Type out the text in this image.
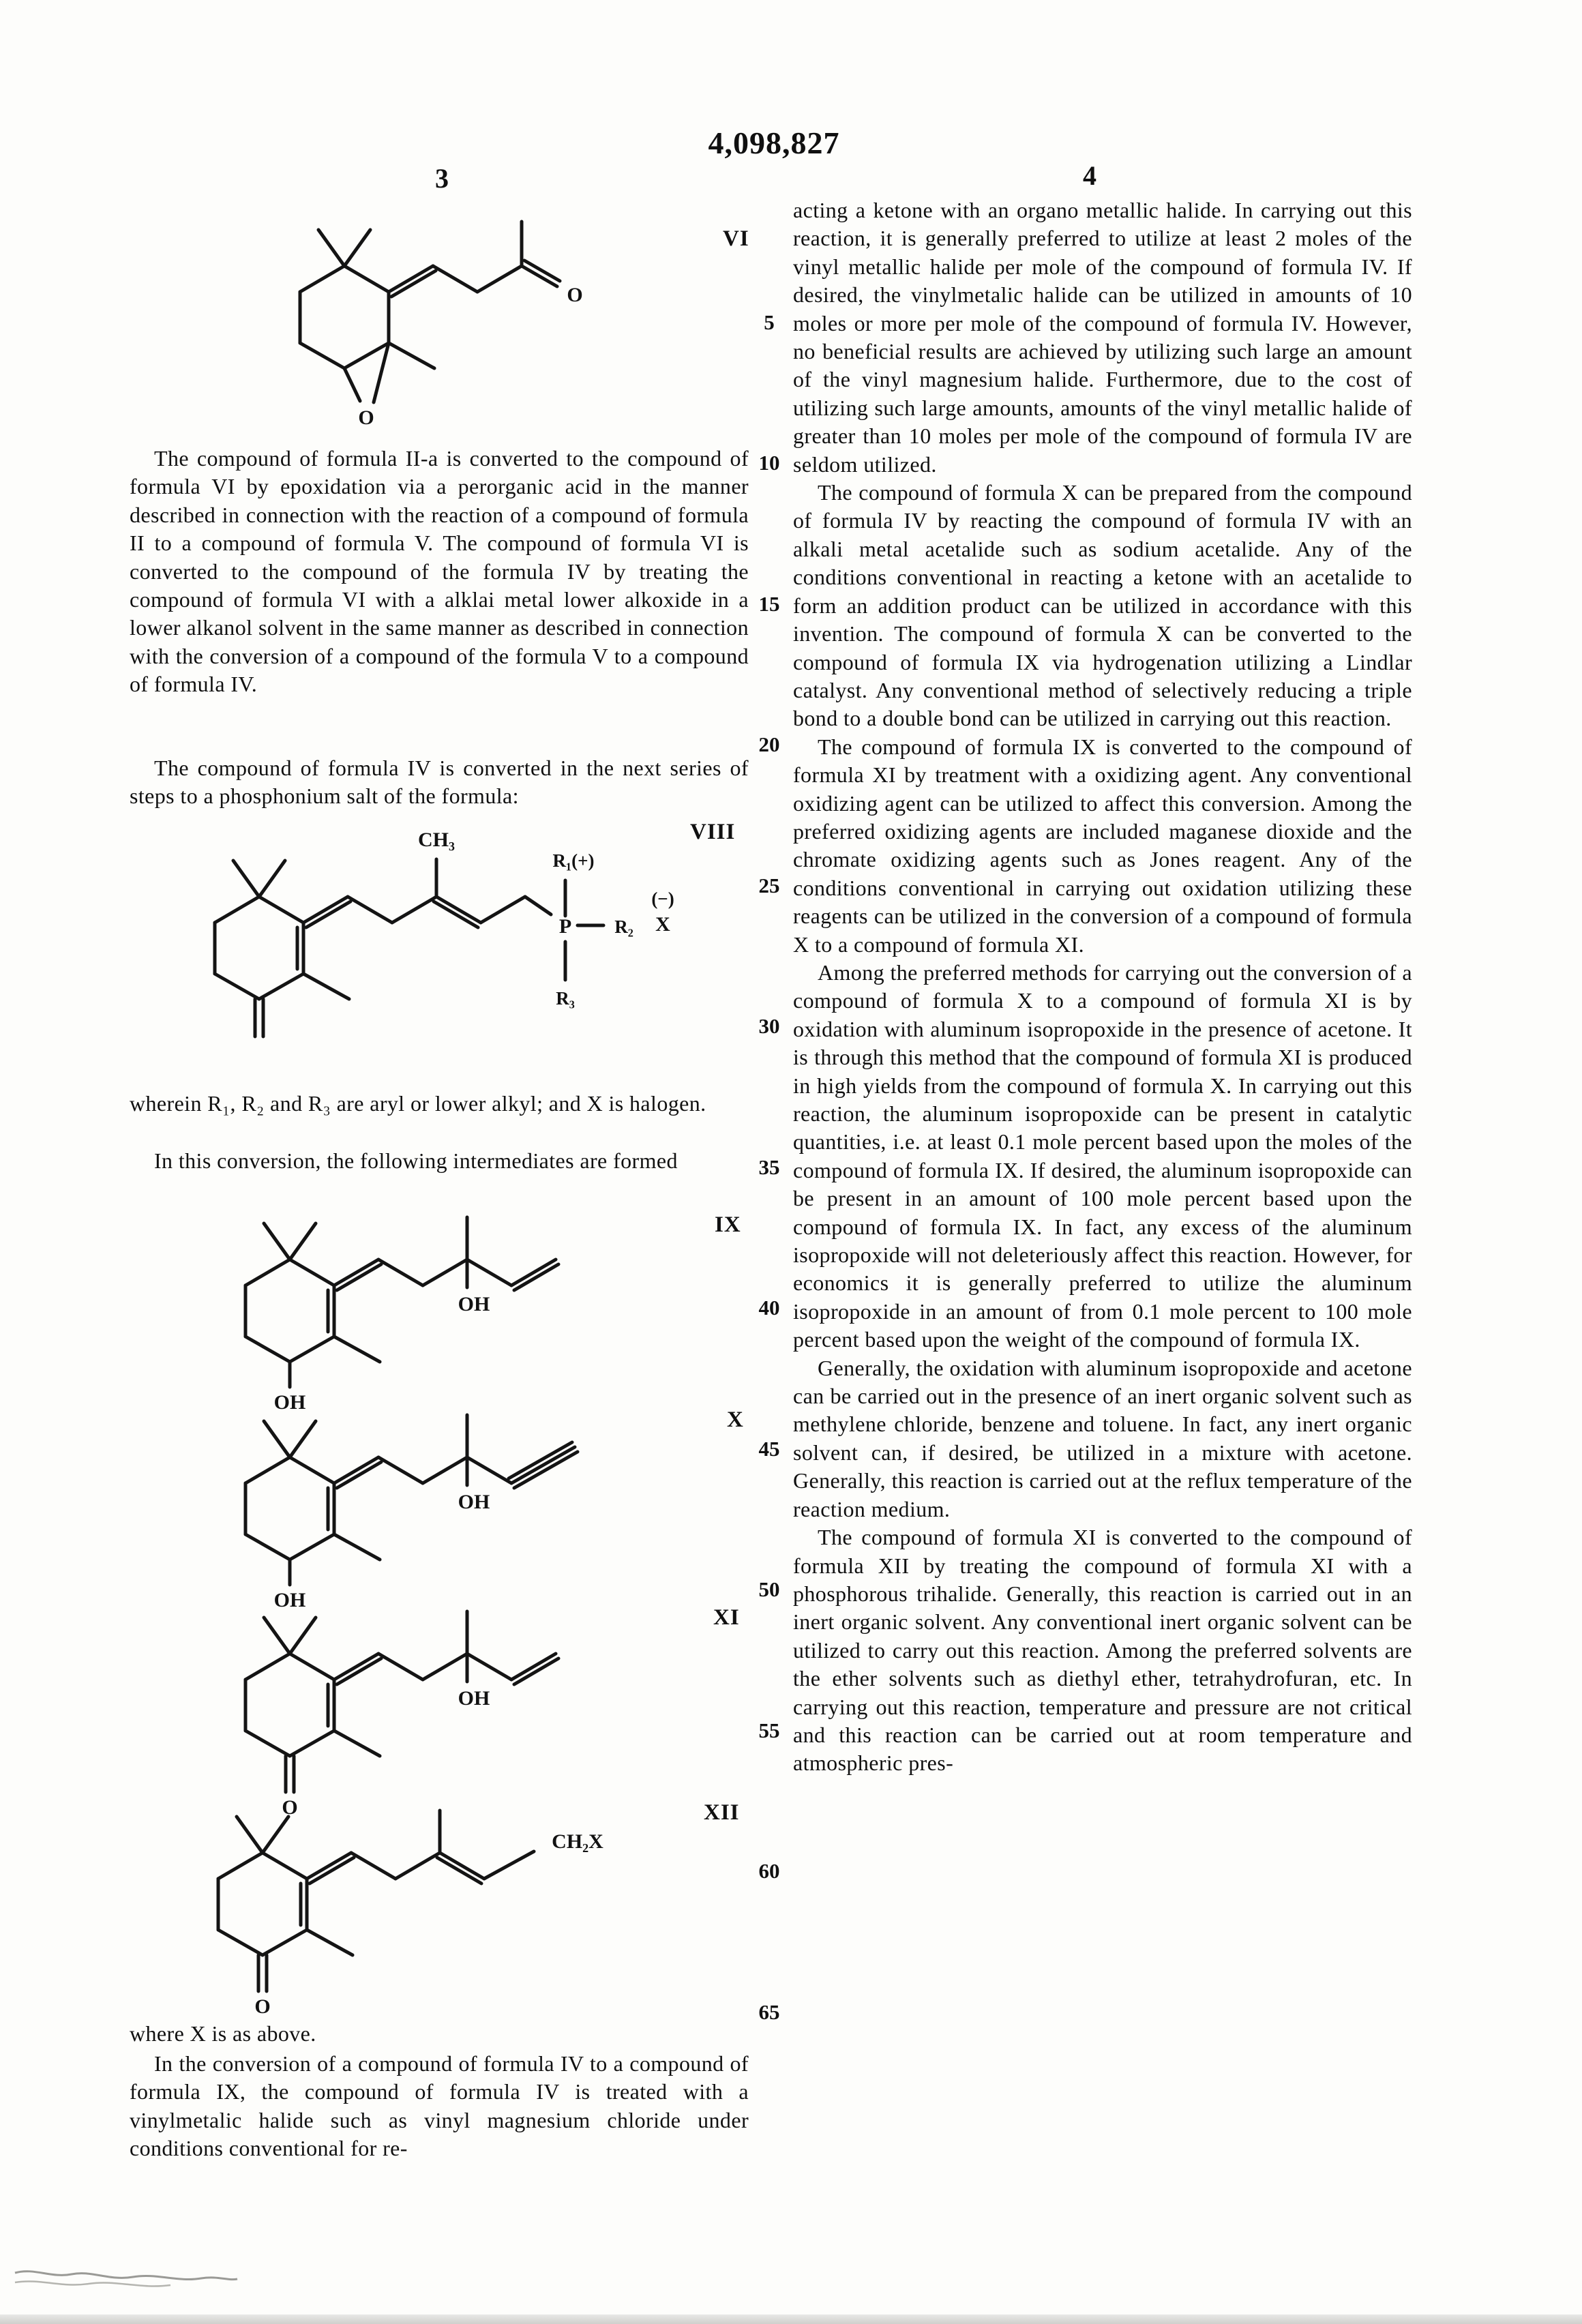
4,098,827
3	4
5
10
15
20
25
30
35
40
45
50
55
60
65
VI
VIII
IX
X
XI
XII
O
O
CH₃
P
R₁(+)
R₂
R₃
(−)
X
OH
OH
OH
OH
O
OH
O
CH₂X
The compound of formula II-a is converted to the compound of formula VI by epoxidation via a perorganic acid in the manner described in connection with the reaction of a compound of formula II to a compound of formula V. The compound of formula VI is converted to the compound of the formula IV by treating the compound of formula VI with a alklai metal lower alkoxide in a lower alkanol solvent in the same manner as described in connection with the conversion of a compound of the formula V to a compound of formula IV.
The compound of formula IV is converted in the next series of steps to a phosphonium salt of the formula:
wherein R₁, R₂ and R₃ are aryl or lower alkyl; and X is halogen.
In this conversion, the following intermediates are formed
where X is as above.
In the conversion of a compound of formula IV to a compound of formula IX, the compound of formula IV is treated with a vinylmetalic halide such as vinyl magnesium chloride under conditions conventional for re-

acting a ketone with an organo metallic halide. In carrying out this reaction, it is generally preferred to utilize at least 2 moles of the vinyl metallic halide per mole of the compound of formula IV. If desired, the vinylmetalic halide can be utilized in amounts of 10 moles or more per mole of the compound of formula IV. However, no beneficial results are achieved by utilizing such large an amount of the vinyl magnesium halide. Furthermore, due to the cost of utilizing such large amounts, amounts of the vinyl metallic halide of greater than 10 moles per mole of the compound of formula IV are seldom utilized.

The compound of formula X can be prepared from the compound of formula IV by reacting the compound of formula IV with an alkali metal acetalide such as sodium acetalide. Any of the conditions conventional in reacting a ketone with an acetalide to form an addition product can be utilized in accordance with this invention. The compound of formula X can be converted to the compound of formula IX via hydrogenation utilizing a Lindlar catalyst. Any conventional method of selectively reducing a triple bond to a double bond can be utilized in carrying out this reaction.

The compound of formula IX is converted to the compound of formula XI by treatment with a oxidizing agent. Any conventional oxidizing agent can be utilized to affect this conversion. Among the preferred oxidizing agents are included maganese dioxide and the chromate oxidizing agents such as Jones reagent. Any of the conditions conventional in carrying out oxidation utilizing these reagents can be utilized in the conversion of a compound of formula X to a compound of formula XI.

Among the preferred methods for carrying out the conversion of a compound of formula X to a compound of formula XI is by oxidation with aluminum isopropoxide in the presence of acetone. It is through this method that the compound of formula XI is produced in high yields from the compound of formula X. In carrying out this reaction, the aluminum isopropoxide can be present in catalytic quantities, i.e. at least 0.1 mole percent based upon the moles of the compound of formula IX. If desired, the aluminum isopropoxide can be present in an amount of 100 mole percent based upon the compound of formula IX. In fact, any excess of the aluminum isopropoxide will not deleteriously affect this reaction. However, for economics it is generally preferred to utilize the aluminum isopropoxide in an amount of from 0.1 mole percent to 100 mole percent based upon the weight of the compound of formula IX.

Generally, the oxidation with aluminum isopropoxide and acetone can be carried out in the presence of an inert organic solvent such as methylene chloride, benzene and toluene. In fact, any inert organic solvent can, if desired, be utilized in a mixture with acetone. Generally, this reaction is carried out at the reflux temperature of the reaction medium.

The compound of formula XI is converted to the compound of formula XII by treating the compound of formula XI with a phosphorous trihalide. Generally, this reaction is carried out in an inert organic solvent. Any conventional inert organic solvent can be utilized to carry out this reaction. Among the preferred solvents are the ether solvents such as diethyl ether, tetrahydrofuran, etc. In carrying out this reaction, temperature and pressure are not critical and this reaction can be carried out at room temperature and atmospheric pres-
